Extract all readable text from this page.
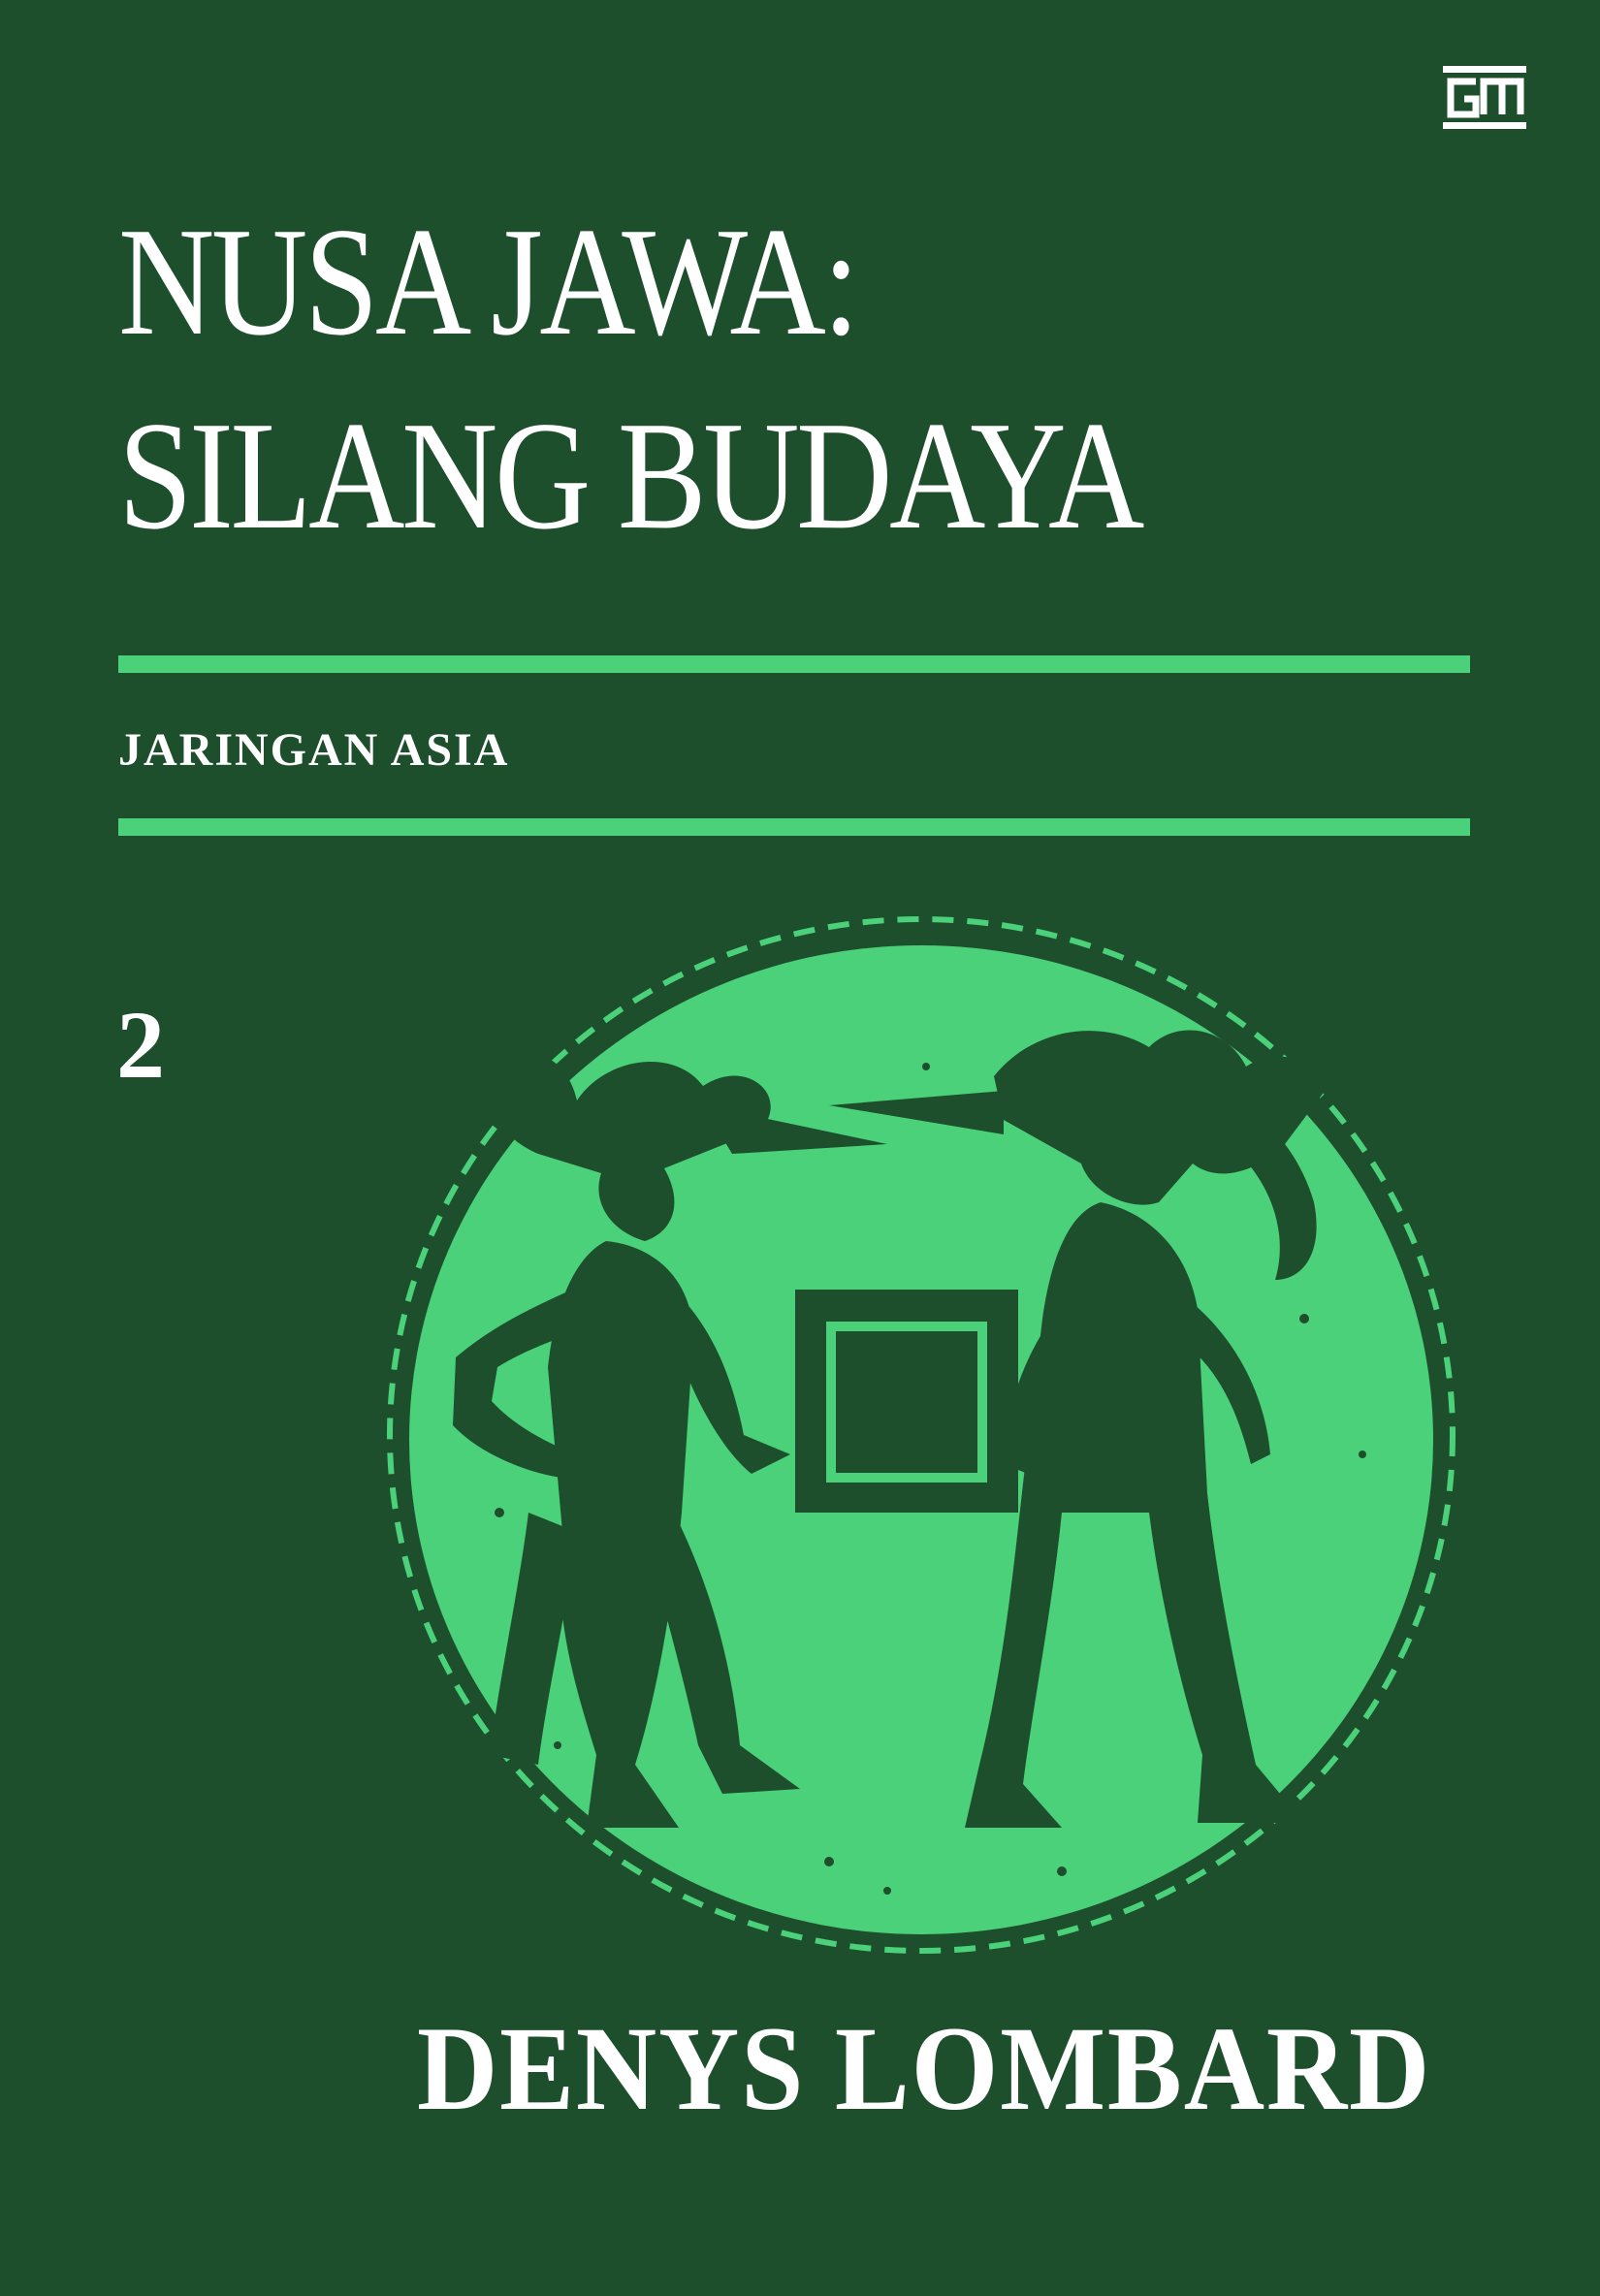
NUSA JAWA:
SILANG BUDAYA
JARINGAN ASIA
2
DENYS LOMBARD
